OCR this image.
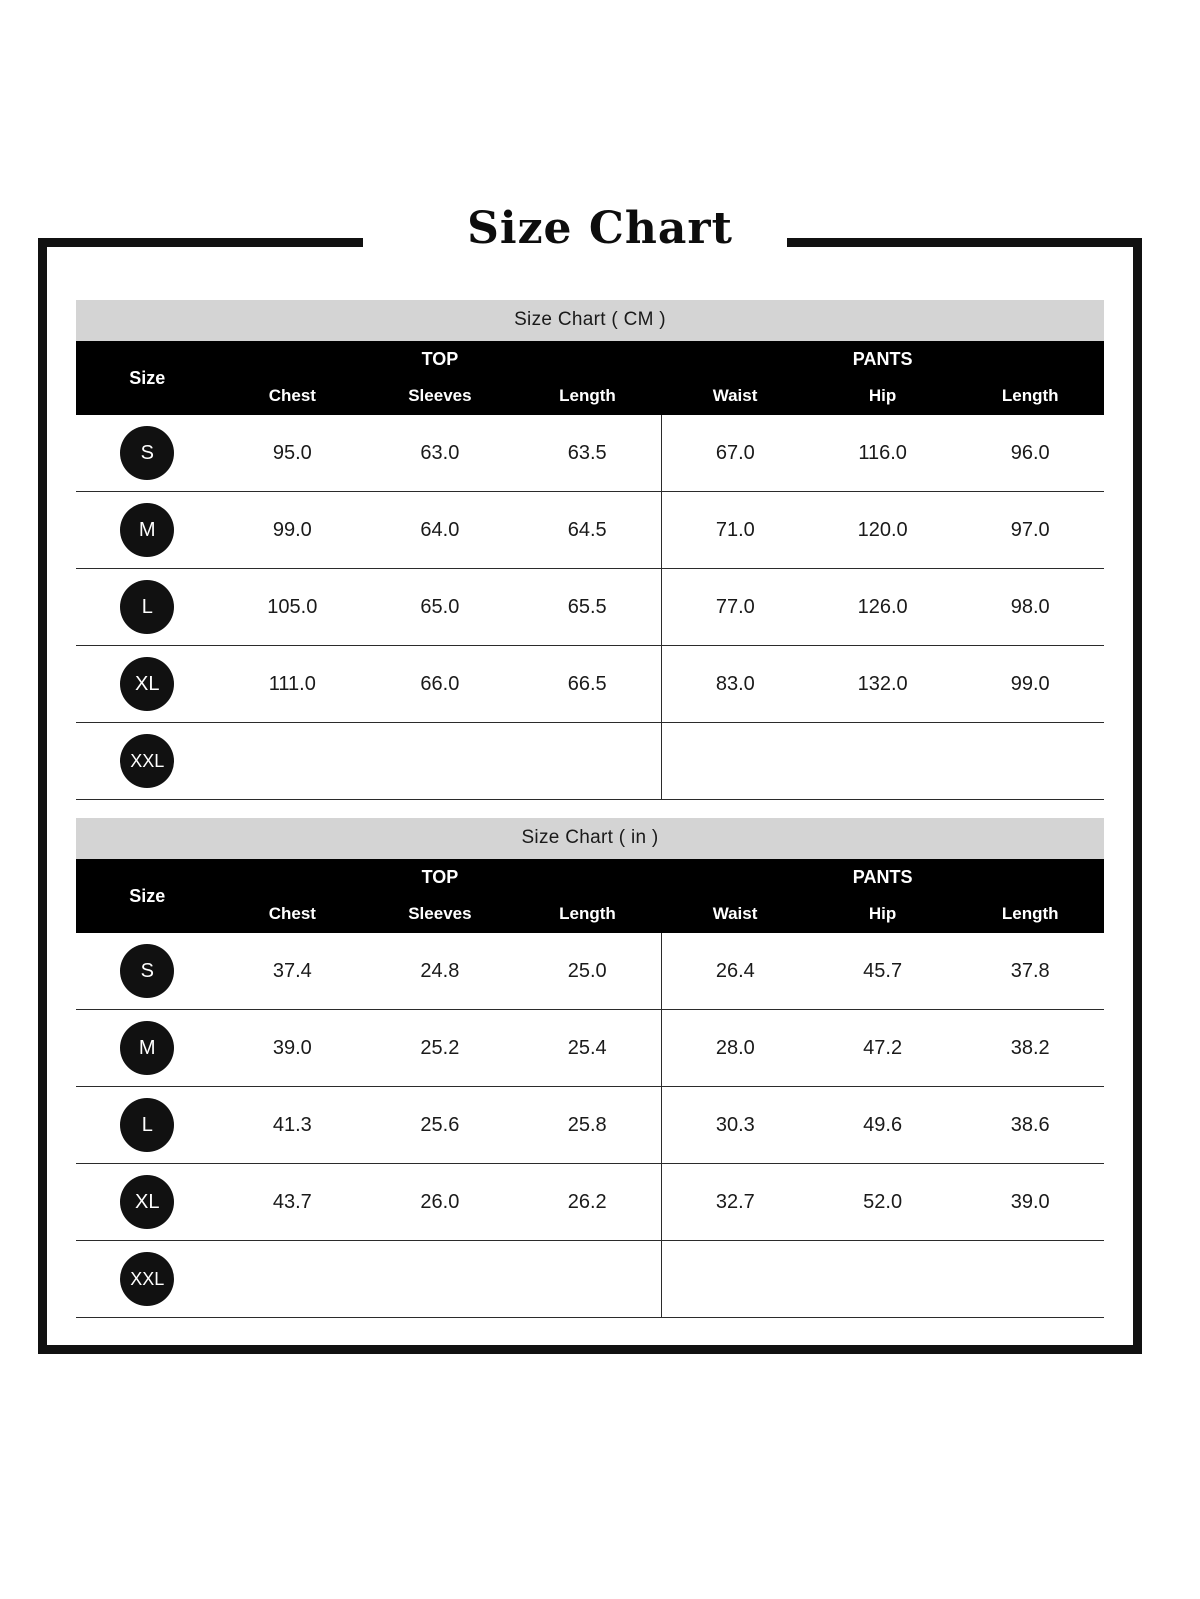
Size Chart
Size Chart ( CM )
Size	TOP			PANTS		
	Chest	Sleeves	Length	Waist	Hip	Length
S	95.0	63.0	63.5	67.0	116.0	96.0
M	99.0	64.0	64.5	71.0	120.0	97.0
L	105.0	65.0	65.5	77.0	126.0	98.0
XL	111.0	66.0	66.5	83.0	132.0	99.0
XXL						
Size Chart ( in )
Size	TOP			PANTS		
	Chest	Sleeves	Length	Waist	Hip	Length
S	37.4	24.8	25.0	26.4	45.7	37.8
M	39.0	25.2	25.4	28.0	47.2	38.2
L	41.3	25.6	25.8	30.3	49.6	38.6
XL	43.7	26.0	26.2	32.7	52.0	39.0
XXL						
